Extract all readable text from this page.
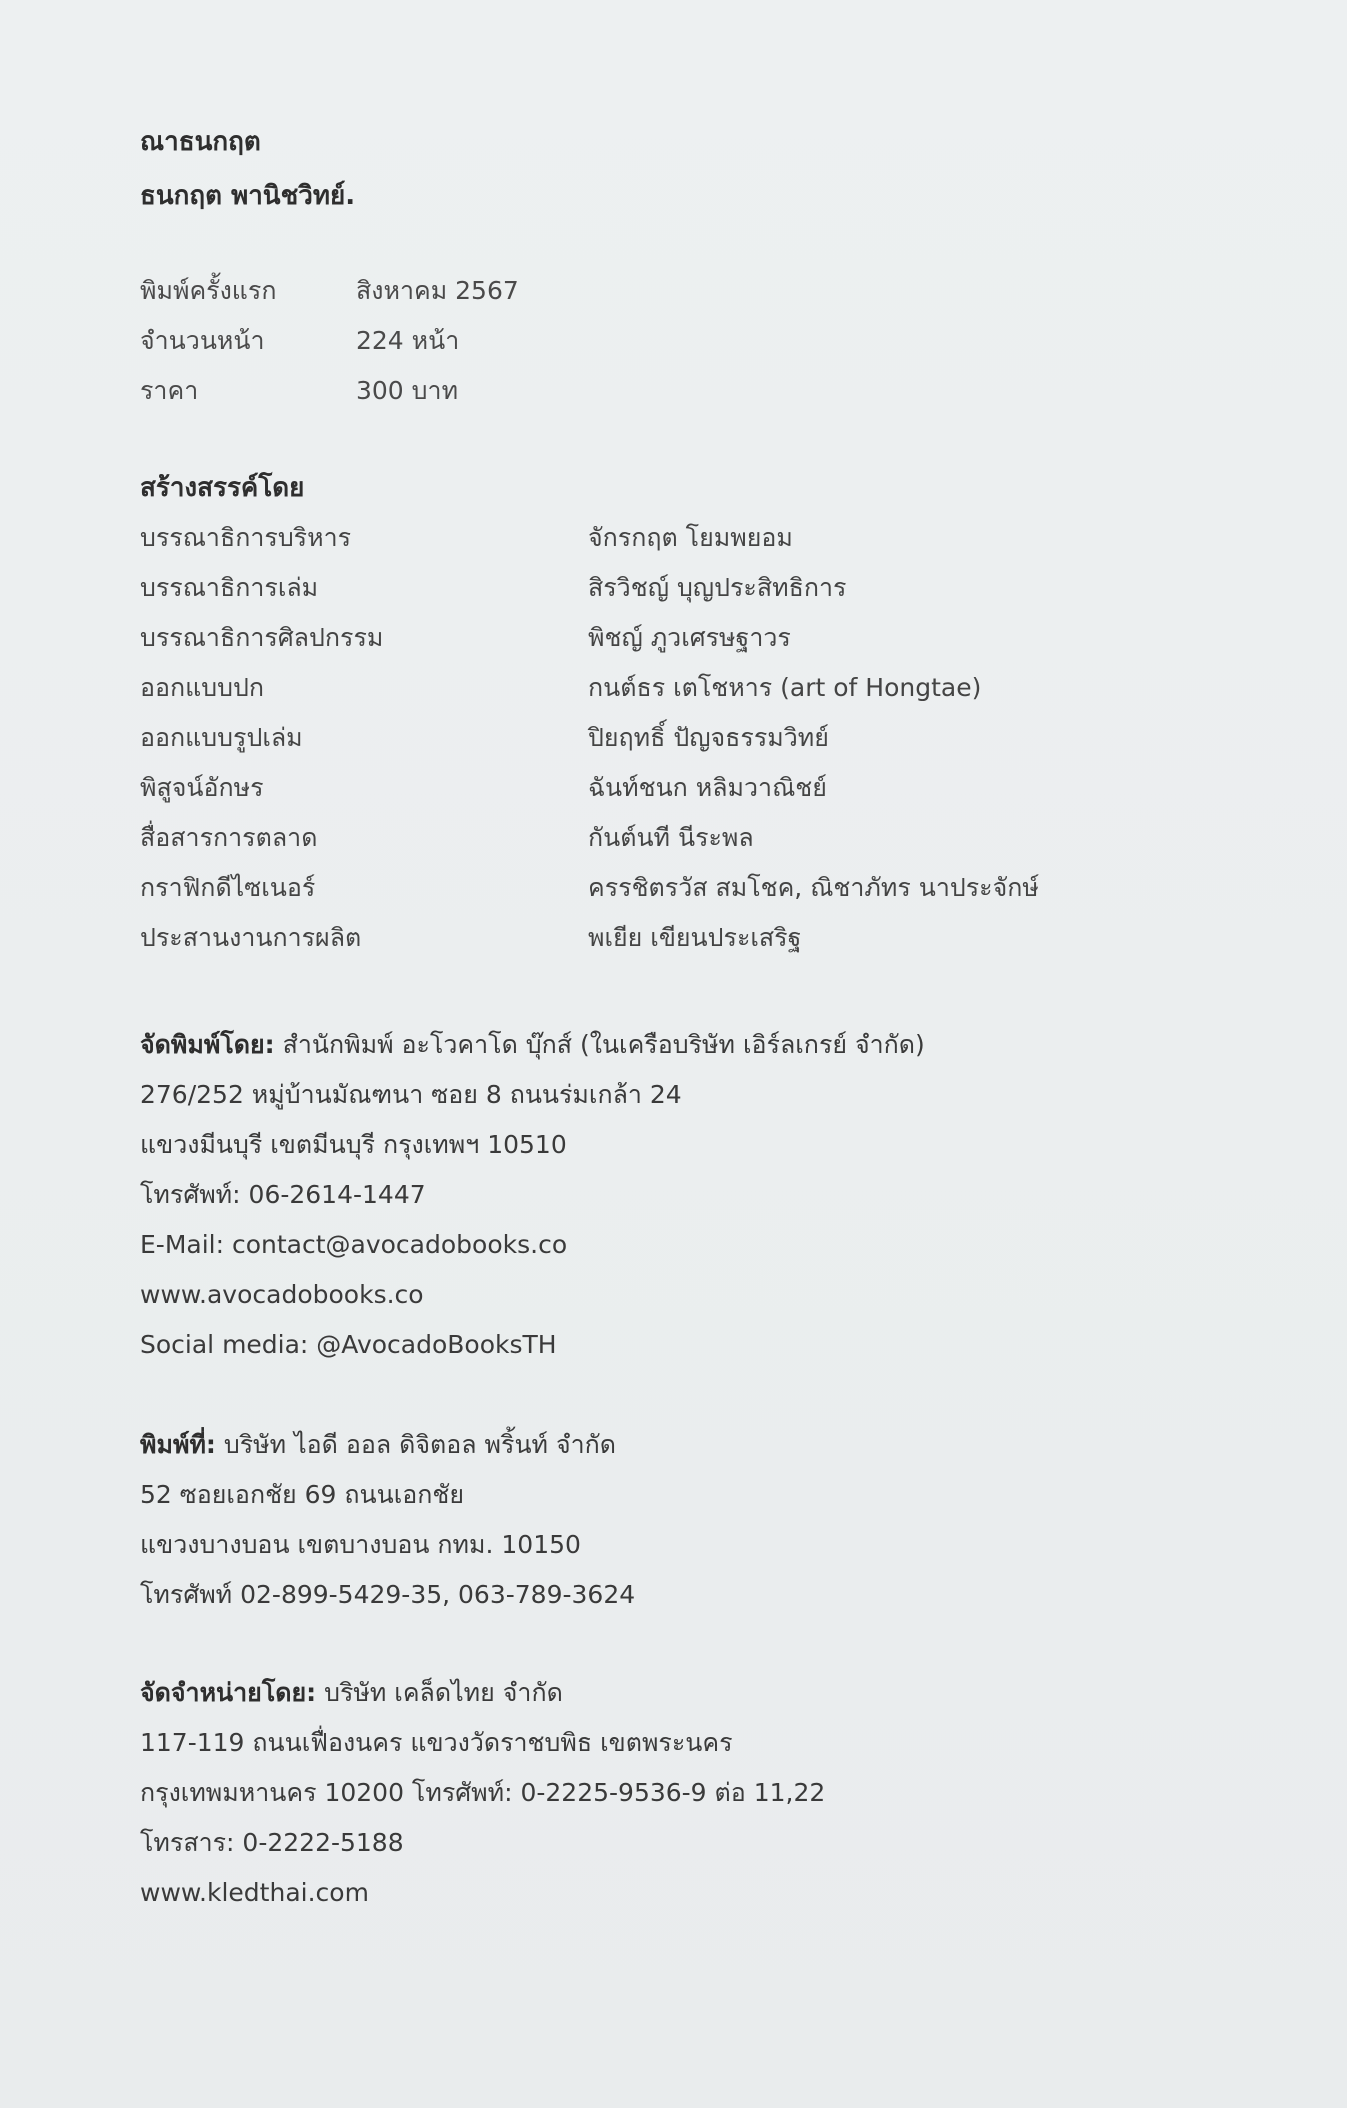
ณาธนกฤต
ธนกฤต พานิชวิทย์.
พิมพ์ครั้งแรก	สิงหาคม 2567
จำนวนหน้า	224 หน้า
ราคา	300 บาท
สร้างสรรค์โดย
บรรณาธิการบริหาร	จักรกฤต โยมพยอม
บรรณาธิการเล่ม	สิรวิชญ์ บุญประสิทธิการ
บรรณาธิการศิลปกรรม	พิชญ์ ภูวเศรษฐาวร
ออกแบบปก	กนต์ธร เตโชหาร (art of Hongtae)
ออกแบบรูปเล่ม	ปิยฤทธิ์ ปัญจธรรมวิทย์
พิสูจน์อักษร	ฉันท์ชนก หลิมวาณิชย์
สื่อสารการตลาด	กันต์นที นีระพล
กราฟิกดีไซเนอร์	ครรชิตรวัส สมโชค, ณิชาภัทร นาประจักษ์
ประสานงานการผลิต	พเยีย เขียนประเสริฐ
จัดพิมพ์โดย: สำนักพิมพ์ อะโวคาโด บุ๊กส์ (ในเครือบริษัท เอิร์ลเกรย์ จำกัด)
276/252 หมู่บ้านมัณฑนา ซอย 8 ถนนร่มเกล้า 24
แขวงมีนบุรี เขตมีนบุรี กรุงเทพฯ 10510
โทรศัพท์: 06-2614-1447
E-Mail: contact@avocadobooks.co
www.avocadobooks.co
Social media: @AvocadoBooksTH
พิมพ์ที่: บริษัท ไอดี ออล ดิจิตอล พริ้นท์ จำกัด
52 ซอยเอกชัย 69 ถนนเอกชัย
แขวงบางบอน เขตบางบอน กทม. 10150
โทรศัพท์ 02-899-5429-35, 063-789-3624
จัดจำหน่ายโดย: บริษัท เคล็ดไทย จำกัด
117-119 ถนนเฟื่องนคร แขวงวัดราชบพิธ เขตพระนคร
กรุงเทพมหานคร 10200 โทรศัพท์: 0-2225-9536-9 ต่อ 11,22
โทรสาร: 0-2222-5188
www.kledthai.com
